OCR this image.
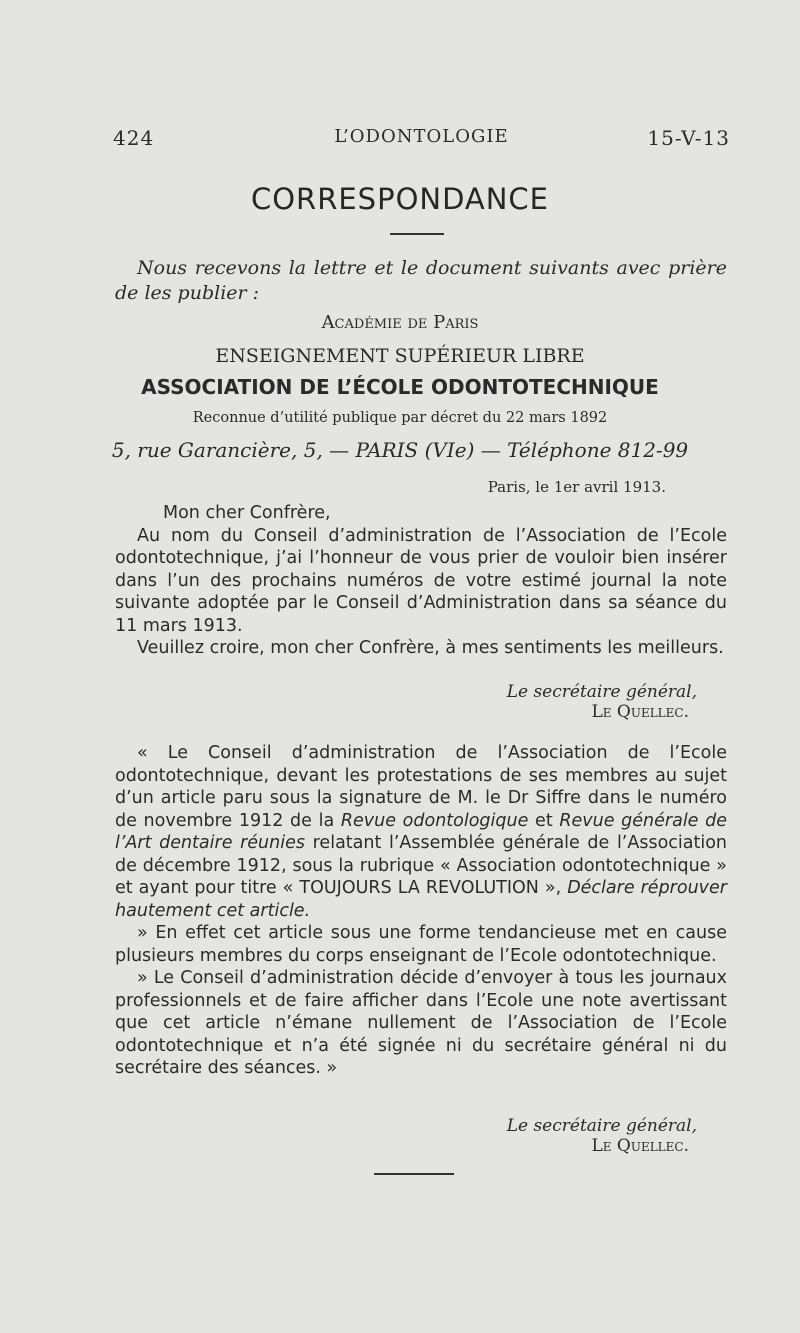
424	L’ODONTOLOGIE	15-V-13
CORRESPONDANCE
Nous recevons la lettre et le document suivants avec prière de les publier :
Académie de Paris
ENSEIGNEMENT SUPÉRIEUR LIBRE
ASSOCIATION DE L’ÉCOLE ODONTOTECHNIQUE
Reconnue d’utilité publique par décret du 22 mars 1892
5, rue Garancière, 5, — PARIS (VIe) — Téléphone 812-99
Paris, le 1er avril 1913.

Mon cher Confrère,

Au nom du Conseil d’administration de l’Association de l’Ecole odontotechnique, j’ai l’honneur de vous prier de vouloir bien insérer dans l’un des prochains numéros de votre estimé journal la note suivante adoptée par le Conseil d’Administration dans sa séance du 11 mars 1913.

Veuillez croire, mon cher Confrère, à mes sentiments les meilleurs.

Le secrétaire général,
Le Quellec.

« Le Conseil d’administration de l’Association de l’Ecole odontotechnique, devant les protestations de ses membres au sujet d’un article paru sous la signature de M. le Dr Siffre dans le numéro de novembre 1912 de la Revue odontologique et Revue générale de l’Art dentaire réunies relatant l’Assemblée générale de l’Association de décembre 1912, sous la rubrique « Association odontotechnique » et ayant pour titre « TOUJOURS LA REVOLUTION », Déclare réprouver hautement cet article.

» En effet cet article sous une forme tendancieuse met en cause plusieurs membres du corps enseignant de l’Ecole odontotechnique.

» Le Conseil d’administration décide d’envoyer à tous les journaux professionnels et de faire afficher dans l’Ecole une note avertissant que cet article n’émane nullement de l’Association de l’Ecole odontotechnique et n’a été signée ni du secrétaire général ni du secrétaire des séances. »

Le secrétaire général,
Le Quellec.
